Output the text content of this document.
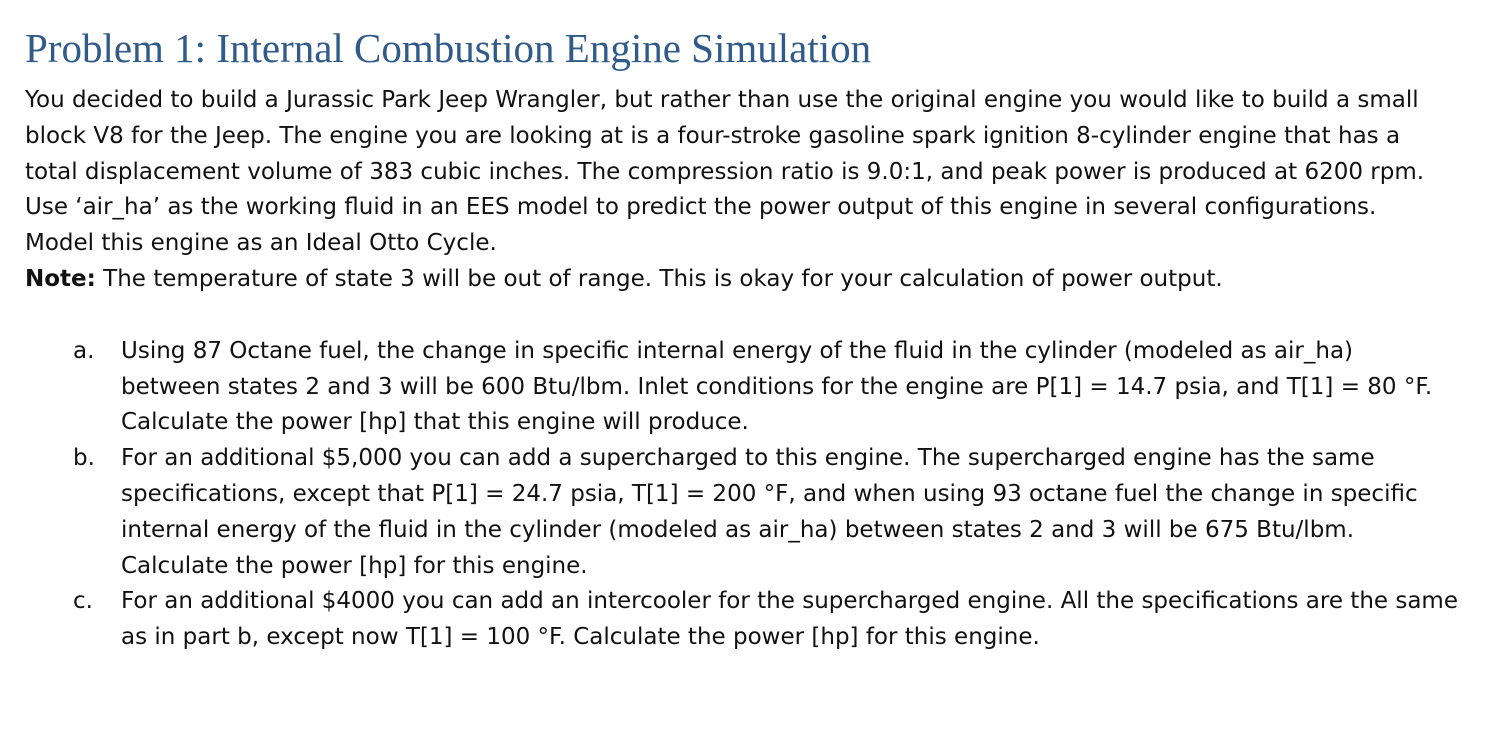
Problem 1: Internal Combustion Engine Simulation

You decided to build a Jurassic Park Jeep Wrangler, but rather than use the original engine you would like to build a small block V8 for the Jeep. The engine you are looking at is a four-stroke gasoline spark ignition 8-cylinder engine that has a total displacement volume of 383 cubic inches. The compression ratio is 9.0:1, and peak power is produced at 6200 rpm. Use ‘air_ha’ as the working fluid in an EES model to predict the power output of this engine in several configurations. Model this engine as an Ideal Otto Cycle.

Note: The temperature of state 3 will be out of range. This is okay for your calculation of power output.

a. Using 87 Octane fuel, the change in specific internal energy of the fluid in the cylinder (modeled as air_ha) between states 2 and 3 will be 600 Btu/lbm. Inlet conditions for the engine are P[1] = 14.7 psia, and T[1] = 80 °F. Calculate the power [hp] that this engine will produce.
b. For an additional $5,000 you can add a supercharged to this engine. The supercharged engine has the same specifications, except that P[1] = 24.7 psia, T[1] = 200 °F, and when using 93 octane fuel the change in specific internal energy of the fluid in the cylinder (modeled as air_ha) between states 2 and 3 will be 675 Btu/lbm. Calculate the power [hp] for this engine.
c. For an additional $4000 you can add an intercooler for the supercharged engine. All the specifications are the same as in part b, except now T[1] = 100 °F. Calculate the power [hp] for this engine.
